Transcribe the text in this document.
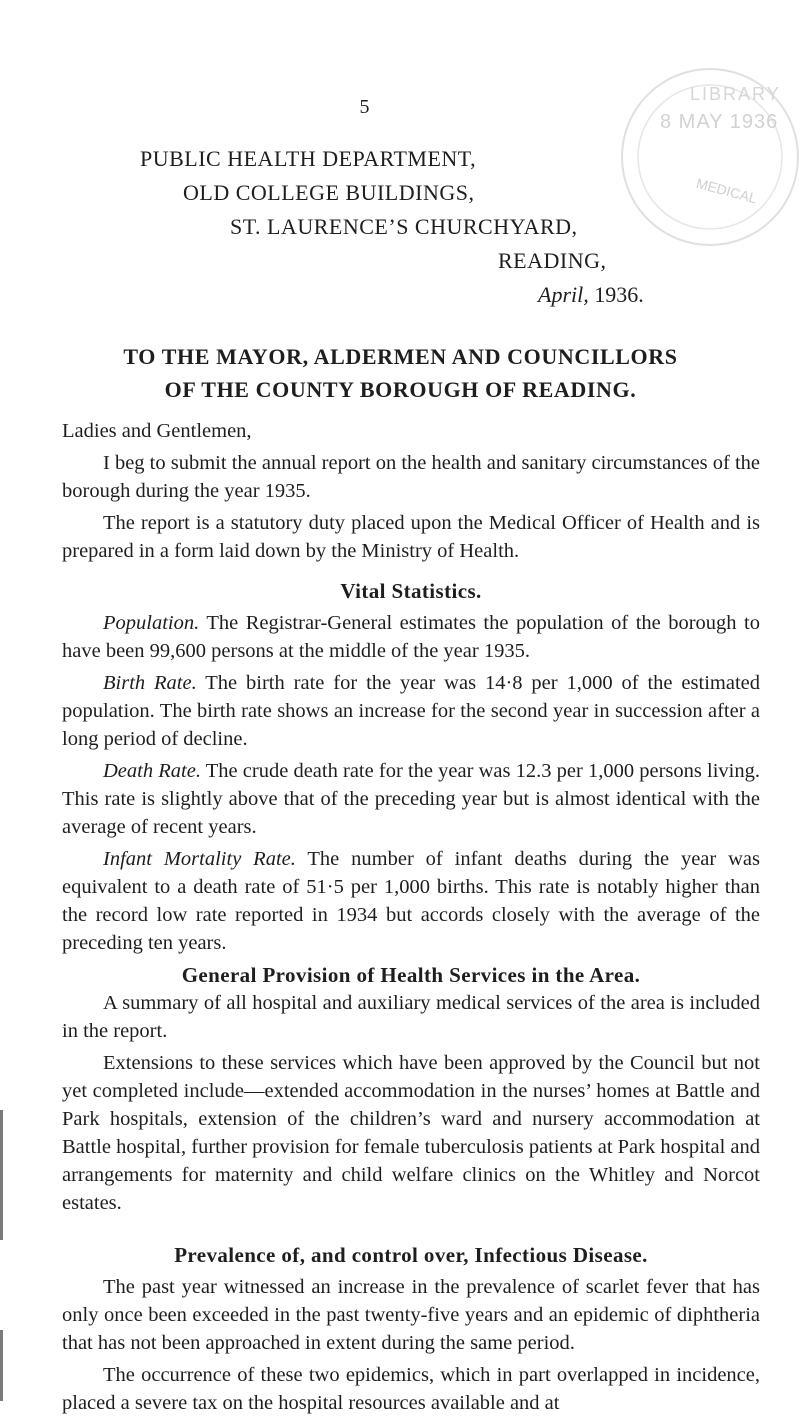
5
LIBRARY
8 MAY 1936
MEDICAL
PUBLIC HEALTH DEPARTMENT,
OLD COLLEGE BUILDINGS,
ST. LAURENCE’S CHURCHYARD,
READING,
April, 1936.
TO THE MAYOR, ALDERMEN AND COUNCILLORS
OF THE COUNTY BOROUGH OF READING.

Ladies and Gentlemen,

I beg to submit the annual report on the health and sanitary circumstances of the borough during the year 1935.

The report is a statutory duty placed upon the Medical Officer of Health and is prepared in a form laid down by the Ministry of Health.

Vital Statistics.

Population. The Registrar-General estimates the population of the borough to have been 99,600 persons at the middle of the year 1935.

Birth Rate. The birth rate for the year was 14·8 per 1,000 of the estimated population. The birth rate shows an increase for the second year in succession after a long period of decline.

Death Rate. The crude death rate for the year was 12.3 per 1,000 persons living. This rate is slightly above that of the preceding year but is almost identical with the average of recent years.

Infant Mortality Rate. The number of infant deaths during the year was equivalent to a death rate of 51·5 per 1,000 births. This rate is notably higher than the record low rate reported in 1934 but accords closely with the average of the preceding ten years.

General Provision of Health Services in the Area.

A summary of all hospital and auxiliary medical services of the area is included in the report.

Extensions to these services which have been approved by the Council but not yet completed include—extended accommodation in the nurses’ homes at Battle and Park hospitals, extension of the children’s ward and nursery accommodation at Battle hospital, further provision for female tuberculosis patients at Park hospital and arrangements for maternity and child welfare clinics on the Whitley and Norcot estates.

Prevalence of, and control over, Infectious Disease.

The past year witnessed an increase in the prevalence of scarlet fever that has only once been exceeded in the past twenty-five years and an epidemic of diphtheria that has not been approached in extent during the same period.

The occurrence of these two epidemics, which in part overlapped in incidence, placed a severe tax on the hospital resources available and at
